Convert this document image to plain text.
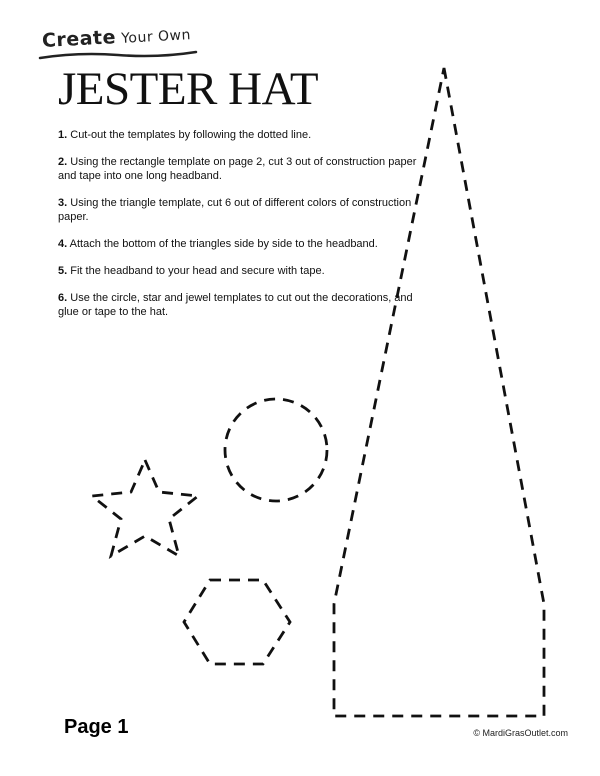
Create Your Own
JESTER HAT
1. Cut-out the templates by following the dotted line.
2. Using the rectangle template on page 2, cut 3 out of construction paper and tape into one long headband.
3. Using the triangle template, cut 6 out of different colors of construction paper.
4. Attach the bottom of the triangles side by side to the headband.
5. Fit the headband to your head and secure with tape.
6. Use the circle, star and jewel templates to cut out the decorations, and glue or tape to the hat.
Page 1	© MardiGrasOutlet.com
